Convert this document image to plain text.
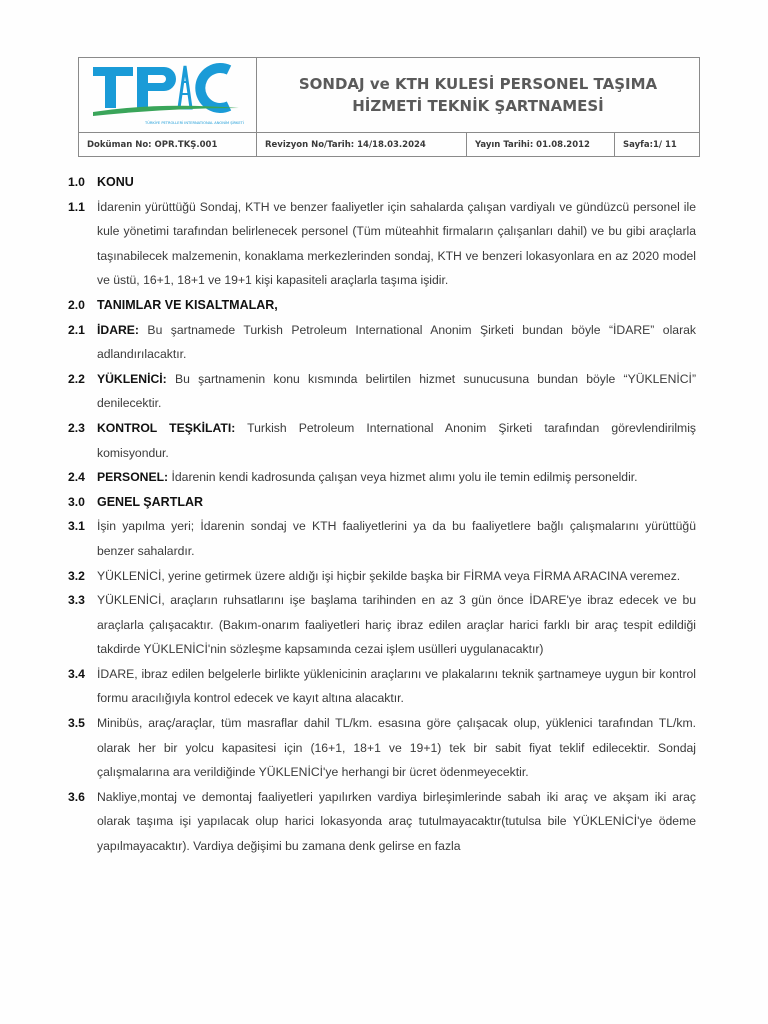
TÜRKİYE PETROLLERİ INTERNATIONAL ANONİM ŞİRKETİ
SONDAJ ve KTH KULESİ PERSONEL TAŞIMA
HİZMETİ TEKNİK ŞARTNAMESİ
Doküman No: OPR.TKŞ.001	Revizyon No/Tarih: 14/18.03.2024	Yayın Tarihi: 01.08.2012	Sayfa:1/ 11
1.0 KONU
1.1 İdarenin yürüttüğü Sondaj, KTH ve benzer faaliyetler için sahalarda çalışan vardiyalı ve gündüzcü personel ile kule yönetimi tarafından belirlenecek personel (Tüm müteahhit firmaların çalışanları dahil) ve bu gibi araçlarla taşınabilecek malzemenin, konaklama merkezlerinden sondaj, KTH ve benzeri lokasyonlara en az 2020 model ve üstü, 16+1, 18+1 ve 19+1 kişi kapasiteli araçlarla taşıma işidir.
2.0 TANIMLAR VE KISALTMALAR,
2.1 İDARE: Bu şartnamede Turkish Petroleum International Anonim Şirketi bundan böyle “İDARE” olarak adlandırılacaktır.
2.2 YÜKLENİCİ: Bu şartnamenin konu kısmında belirtilen hizmet sunucusuna bundan böyle “YÜKLENİCİ” denilecektir.
2.3 KONTROL TEŞKİLATI: Turkish Petroleum International Anonim Şirketi tarafından görevlendirilmiş komisyondur.
2.4 PERSONEL: İdarenin kendi kadrosunda çalışan veya hizmet alımı yolu ile temin edilmiş personeldir.
3.0 GENEL ŞARTLAR
3.1 İşin yapılma yeri; İdarenin sondaj ve KTH faaliyetlerini ya da bu faaliyetlere bağlı çalışmalarını yürüttüğü benzer sahalardır.
3.2 YÜKLENİCİ, yerine getirmek üzere aldığı işi hiçbir şekilde başka bir FİRMA veya FİRMA ARACINA veremez.
3.3 YÜKLENİCİ, araçların ruhsatlarını işe başlama tarihinden en az 3 gün önce İDARE'ye ibraz edecek ve bu araçlarla çalışacaktır. (Bakım-onarım faaliyetleri hariç ibraz edilen araçlar harici farklı bir araç tespit edildiği takdirde YÜKLENİCİ'nin sözleşme kapsamında cezai işlem usülleri uygulanacaktır)
3.4 İDARE, ibraz edilen belgelerle birlikte yüklenicinin araçlarını ve plakalarını teknik şartnameye uygun bir kontrol formu aracılığıyla kontrol edecek ve kayıt altına alacaktır.
3.5 Minibüs, araç/araçlar, tüm masraflar dahil TL/km. esasına göre çalışacak olup, yüklenici tarafından TL/km. olarak her bir yolcu kapasitesi için (16+1, 18+1 ve 19+1) tek bir sabit fiyat teklif edilecektir. Sondaj çalışmalarına ara verildiğinde YÜKLENİCİ'ye herhangi bir ücret ödenmeyecektir.
3.6 Nakliye,montaj ve demontaj faaliyetleri yapılırken vardiya birleşimlerinde sabah iki araç ve akşam iki araç olarak taşıma işi yapılacak olup harici lokasyonda araç tutulmayacaktır(tutulsa bile YÜKLENİCİ'ye ödeme yapılmayacaktır). Vardiya değişimi bu zamana denk gelirse en fazla
